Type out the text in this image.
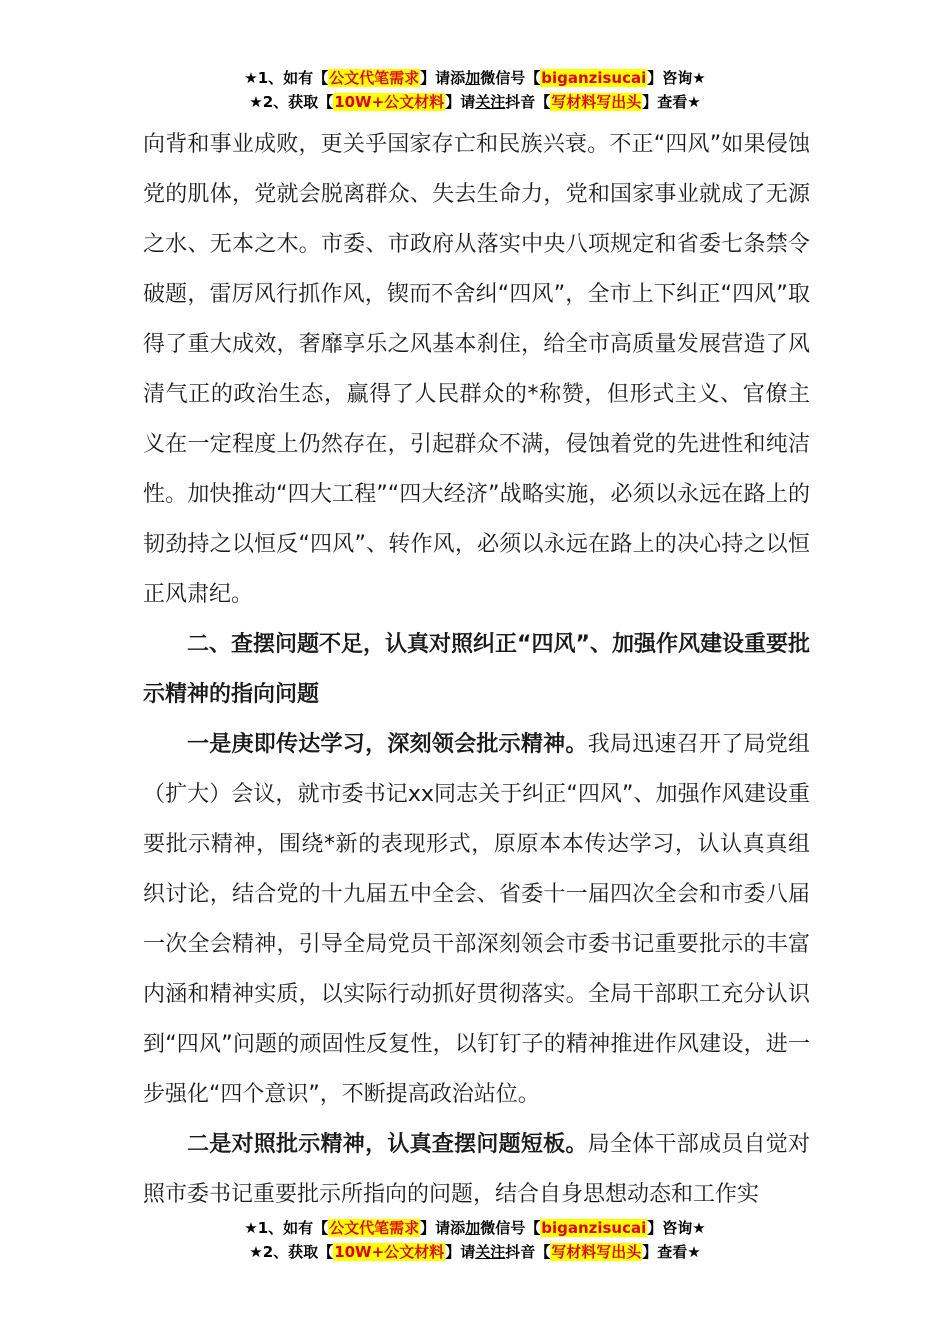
★1、如有【公文代笔需求】请添加微信号【biganzisucai】咨询★
★2、获取【10W+公文材料】请关注抖音【写材料写出头】查看★

向背和事业成败，更关乎国家存亡和民族兴衰。不正“四风”如果侵蚀党的肌体，党就会脱离群众、失去生命力，党和国家事业就成了无源之水、无本之木。市委、市政府从落实中央八项规定和省委七条禁令破题，雷厉风行抓作风，锲而不舍纠“四风”，全市上下纠正“四风”取得了重大成效，奢靡享乐之风基本刹住，给全市高质量发展营造了风清气正的政治生态，赢得了人民群众的*称赞，但形式主义、官僚主义在一定程度上仍然存在，引起群众不满，侵蚀着党的先进性和纯洁性。加快推动“四大工程”“四大经济”战略实施，必须以永远在路上的韧劲持之以恒反“四风”、转作风，必须以永远在路上的决心持之以恒正风肃纪。

二、查摆问题不足，认真对照纠正“四风”、加强作风建设重要批示精神的指向问题

一是庚即传达学习，深刻领会批示精神。我局迅速召开了局党组（扩大）会议，就市委书记xx同志关于纠正“四风”、加强作风建设重要批示精神，围绕*新的表现形式，原原本本传达学习，认认真真组织讨论，结合党的十九届五中全会、省委十一届四次全会和市委八届一次全会精神，引导全局党员干部深刻领会市委书记重要批示的丰富内涵和精神实质，以实际行动抓好贯彻落实。全局干部职工充分认识到“四风”问题的顽固性反复性，以钉钉子的精神推进作风建设，进一步强化“四个意识”，不断提高政治站位。

二是对照批示精神，认真查摆问题短板。局全体干部成员自觉对照市委书记重要批示所指向的问题，结合自身思想动态和工作实

★1、如有【公文代笔需求】请添加微信号【biganzisucai】咨询★
★2、获取【10W+公文材料】请关注抖音【写材料写出头】查看★
